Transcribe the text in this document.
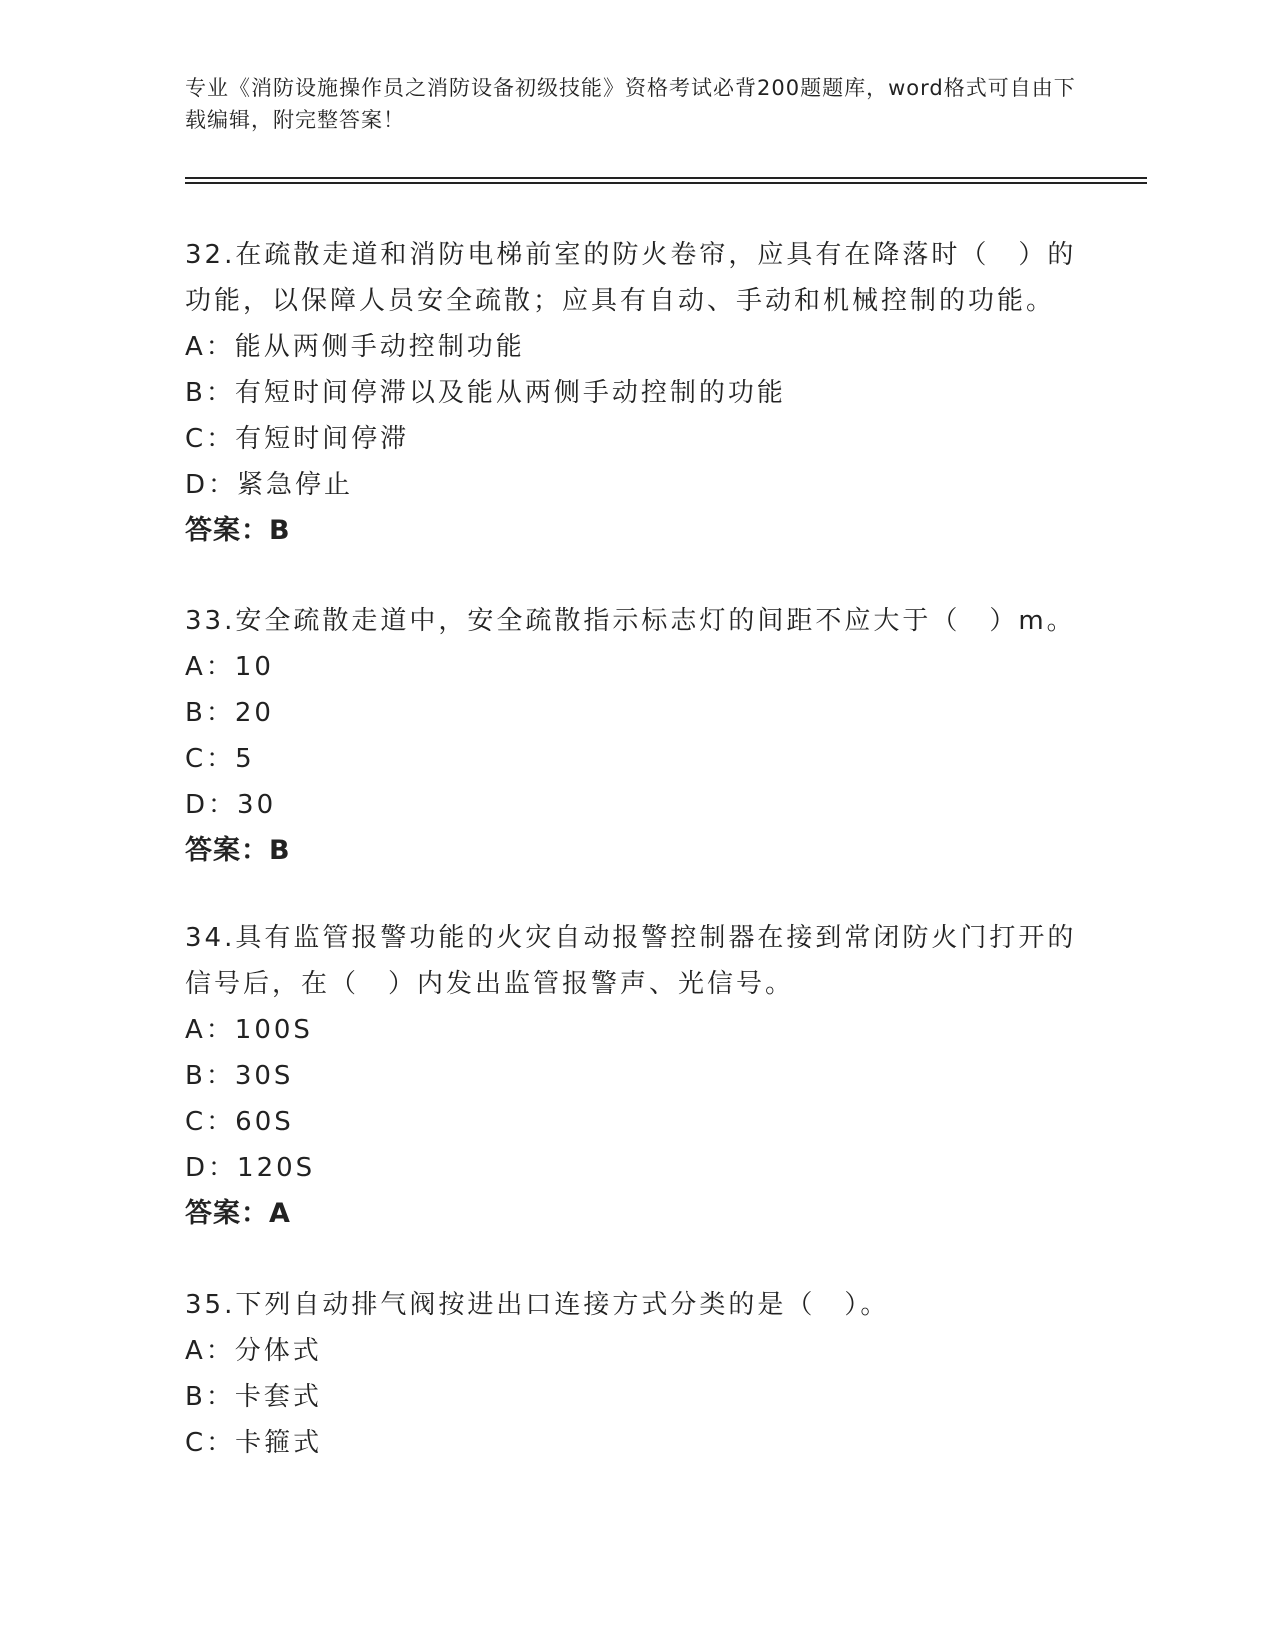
专业《消防设施操作员之消防设备初级技能》资格考试必背200题题库，word格式可自由下载编辑，附完整答案！
32.在疏散走道和消防电梯前室的防火卷帘，应具有在降落时（　）的功能，以保障人员安全疏散；应具有自动、手动和机械控制的功能。
A：能从两侧手动控制功能
B：有短时间停滞以及能从两侧手动控制的功能
C：有短时间停滞
D：紧急停止
答案：B
33.安全疏散走道中，安全疏散指示标志灯的间距不应大于（　）m。
A：10
B：20
C：5
D：30
答案：B
34.具有监管报警功能的火灾自动报警控制器在接到常闭防火门打开的信号后，在（　）内发出监管报警声、光信号。
A：100S
B：30S
C：60S
D：120S
答案：A
35.下列自动排气阀按进出口连接方式分类的是（　）。
A：分体式
B：卡套式
C：卡箍式
